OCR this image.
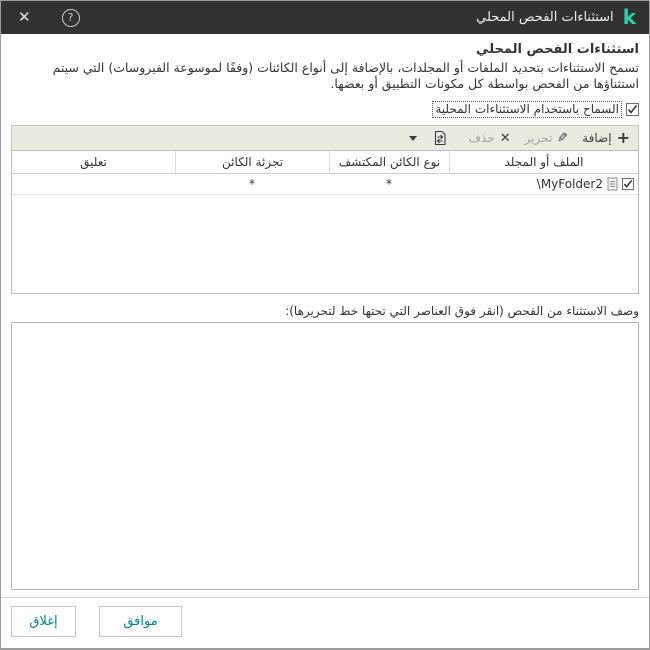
k
استثناءات الفحص المحلي
?
✕
استثناءات الفحص المحلي
تسمح الاستثناءات بتحديد الملفات أو المجلدات، بالإضافة إلى أنواع الكائنات (وفقًا لموسوعة الفيروسات) التي سيتم استثناؤها من الفحص بواسطة كل مكونات التطبيق أو بعضها.
السماح باستخدام الاستثناءات المحلية
+
إضافة
✎
تحرير
✕
حذف
الملف أو المجلد
نوع الكائن المكتشف
تجزئة الكائن
تعليق
\MyFolder2
*
*
وصف الاستثناء من الفحص (انقر فوق العناصر التي تحتها خط لتحريرها):
موافق
إغلاق
